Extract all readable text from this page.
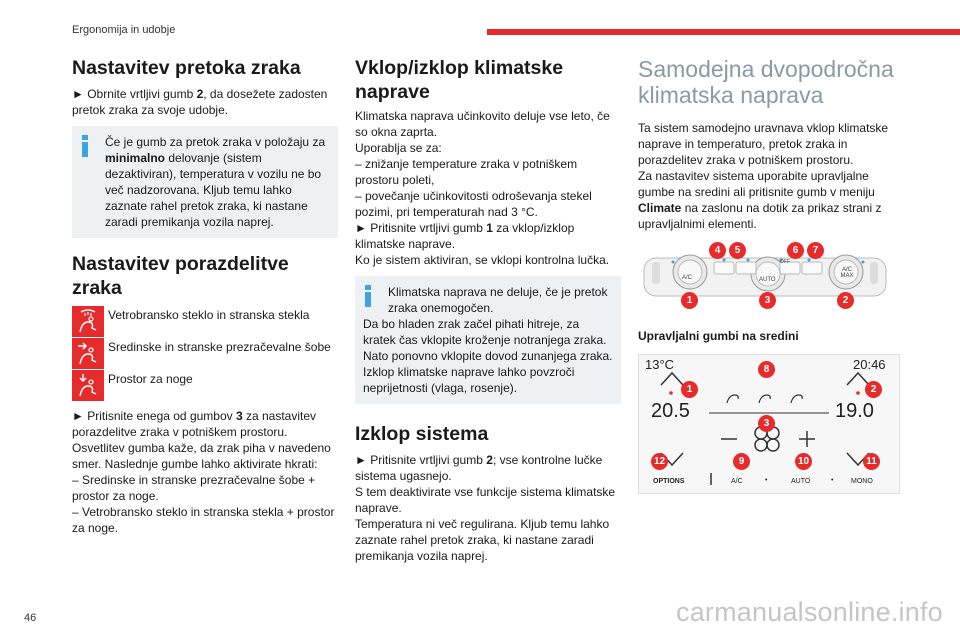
Ergonomija in udobje
Nastavitev pretoka zraka

► Obrnite vrtljivi gumb 2, da dosežete zadosten pretok zraka za svoje udobje.

Če je gumb za pretok zraka v položaju za minimalno delovanje (sistem dezaktiviran), temperatura v vozilu ne bo več nadzorovana. Kljub temu lahko zaznate rahel pretok zraka, ki nastane zaradi premikanja vozila naprej.

Nastavitev porazdelitve zraka
Vetrobransko steklo in stranska stekla
Sredinske in stranske prezračevalne šobe
Prostor za noge

► Pritisnite enega od gumbov 3 za nastavitev porazdelitve zraka v potniškem prostoru.

Osvetlitev gumba kaže, da zrak piha v navedeno smer. Naslednje gumbe lahko aktivirate hkrati:

– Sredinske in stranske prezračevalne šobe + prostor za noge.

– Vetrobransko steklo in stranska stekla + prostor za noge.

Vklop/izklop klimatske naprave

Klimatska naprava učinkovito deluje vse leto, če so okna zaprta.

Uporablja se za:

– znižanje temperature zraka v potniškem prostoru poleti,

– povečanje učinkovitosti odroševanja stekel pozimi, pri temperaturah nad 3 °C.

► Pritisnite vrtljivi gumb 1 za vklop/izklop klimatske naprave.

Ko je sistem aktiviran, se vklopi kontrolna lučka.

Klimatska naprava ne deluje, če je pretok zraka onemogočen.

Da bo hladen zrak začel pihati hitreje, za kratek čas vklopite kroženje notranjega zraka. Nato ponovno vklopite dovod zunanjega zraka.

Izklop klimatske naprave lahko povzroči neprijetnosti (vlaga, rosenje).

Izklop sistema

► Pritisnite vrtljivi gumb 2; vse kontrolne lučke sistema ugasnejo.

S tem deaktivirate vse funkcije sistema klimatske naprave.

Temperatura ni več regulirana. Kljub temu lahko zaznate rahel pretok zraka, ki nastane zaradi premikanja vozila naprej.

Samodejna dvopodročna klimatska naprava

Ta sistem samodejno uravnava vklop klimatske naprave in temperaturo, pretok zraka in porazdelitev zraka v potniškem prostoru.

Za nastavitev sistema uporabite upravljalne gumbe na sredini ali pritisnite gumb v meniju Climate na zaslonu na dotik za prikaz strani z upravljalnimi elementi.

A/C	AUTO
A/C
MAX
OFF
1	2
3
4	5	6	7

Upravljalni gumbi na sredini

13°C	20:46
20.5	19.0
OPTIONS	A/C	•	AUTO	•	MONO
1	2
3
8
9	10	11
12
46	carmanualsonline.info
